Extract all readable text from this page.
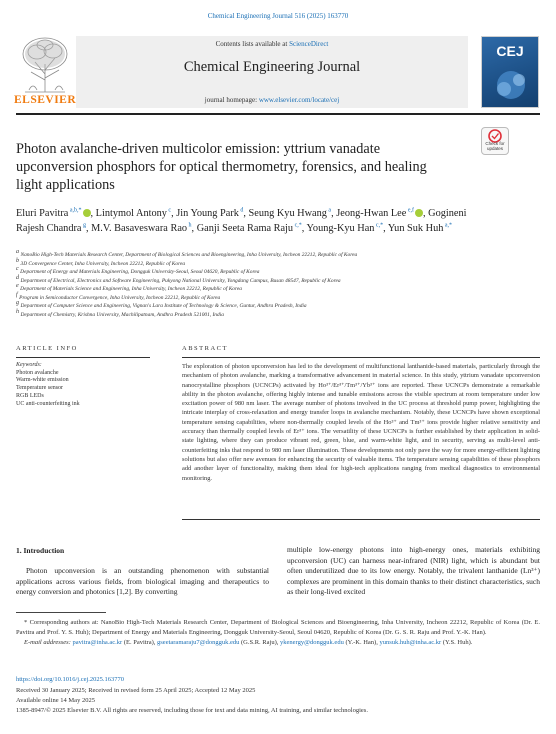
Chemical Engineering Journal 516 (2025) 163770
Contents lists available at ScienceDirect
Chemical Engineering Journal
journal homepage: www.elsevier.com/locate/cej
ELSEVIER
CEJ
Check for updates
Photon avalanche-driven multicolor emission: yttrium vanadate upconversion phosphors for optical thermometry, forensics, and healing light applications
Eluri Pavitra $^{a,b,*}$ , Lintymol Antony $^c$, Jin Young Park $^d$, Seung Kyu Hwang $^a$, Jeong-Hwan Lee $^{e,f}$ , Gogineni Rajesh Chandra $^g$, M.V. Basaveswara Rao $^h$, Ganji Seeta Rama Raju $^{c,*}$, Young-Kyu Han $^{c,*}$, Yun Suk Huh $^{a,*}$
$^a$ NanoBio High-Tech Materials Research Center, Department of Biological Sciences and Bioengineering, Inha University, Incheon 22212, Republic of Korea
$^b$ 3D Convergence Center, Inha University, Incheon 22212, Republic of Korea
$^c$ Department of Energy and Materials Engineering, Dongguk University-Seoul, Seoul 04620, Republic of Korea
$^d$ Department of Electrical, Electronics and Software Engineering, Pukyong National University, Yongdang Campus, Busan 48547, Republic of Korea
$^e$ Department of Materials Science and Engineering, Inha University, Incheon 22212, Republic of Korea
$^f$ Program in Semiconductor Convergence, Inha University, Incheon 22212, Republic of Korea
$^g$ Department of Computer Science and Engineering, Vignan's Lara Institute of Technology & Science, Guntur, Andhra Pradesh, India
$^h$ Department of Chemistry, Krishna University, Machilipatnam, Andhra Pradesh 521001, India
ARTICLE INFO	ABSTRACT
Keywords:
Photon avalanche
Warm-white emission
Temperature sensor
RGB LEDs
UC anti-counterfeiting ink

The exploration of photon upconversion has led to the development of multifunctional lanthanide-based materials, particularly through the mechanism of photon avalanche, marking a transformative advancement in material science. In this study, yttrium vanadate upconversion nanocrystalline phosphors (UCNCPs) activated by Ho³⁺/Er³⁺/Tm³⁺/Yb³⁺ ions are reported. These UCNCPs demonstrate a remarkable ability in the photon avalanche, offering highly intense and tunable emissions across the visible spectrum at room temperature under low excitation power of 980 nm laser. The average number of photons involved in the UC process at threshold pump power, highlighting the intricate interplay of cross-relaxation and energy transfer loops in avalanche mechanism. Notably, these UCNCPs have shown exceptional temperature sensing capabilities, where non-thermally coupled levels of the Ho³⁺ and Tm³⁺ ions provide higher relative sensitivity and accuracy than thermally coupled levels of Er³⁺ ions. The versatility of these UCNCPs is further established by their application in solid-state lighting, where they can produce vibrant red, green, blue, and warm-white light, and in security, serving as multi-level anti-counterfeiting inks that respond to 980 nm laser illumination. These developments not only pave the way for more energy-efficient lighting solutions but also offer new avenues for enhancing the security of valuable items. The temperature sensing capabilities of these phosphors add another layer of functionality, making them ideal for high-tech applications ranging from medical diagnostics to environmental monitoring.

1. Introduction

Photon upconversion is an outstanding phenomenon with substantial applications across various fields, from biological imaging and therapeutics to energy conversion and photonics [1,2]. By converting

multiple low-energy photons into high-energy ones, materials exhibiting upconversion (UC) can harness near-infrared (NIR) light, which is abundant but often underutilized due to its low energy. Notably, the trivalent lanthanide (Ln³⁺) complexes are prominent in this domain thanks to their distinct characteristics, such as their long-lived excited

* Corresponding authors at: NanoBio High-Tech Materials Research Center, Department of Biological Sciences and Bioengineering, Inha University, Incheon 22212, Republic of Korea (Dr. E. Pavitra and Prof. Y. S. Huh); Department of Energy and Materials Engineering, Dongguk University-Seoul, Seoul 04620, Republic of Korea (Dr. G. S. R. Raju and Prof. Y.-K. Han).
E-mail addresses: pavitra@inha.ac.kr (E. Pavitra), gseetaramaraju7@dongguk.edu (G.S.R. Raju), ykenergy@dongguk.edu (Y.-K. Han), yunsuk.huh@inha.ac.kr (Y.S. Huh).
https://doi.org/10.1016/j.cej.2025.163770
Received 30 January 2025; Received in revised form 25 April 2025; Accepted 12 May 2025
Available online 14 May 2025
1385-8947/© 2025 Elsevier B.V. All rights are reserved, including those for text and data mining, AI training, and similar technologies.
